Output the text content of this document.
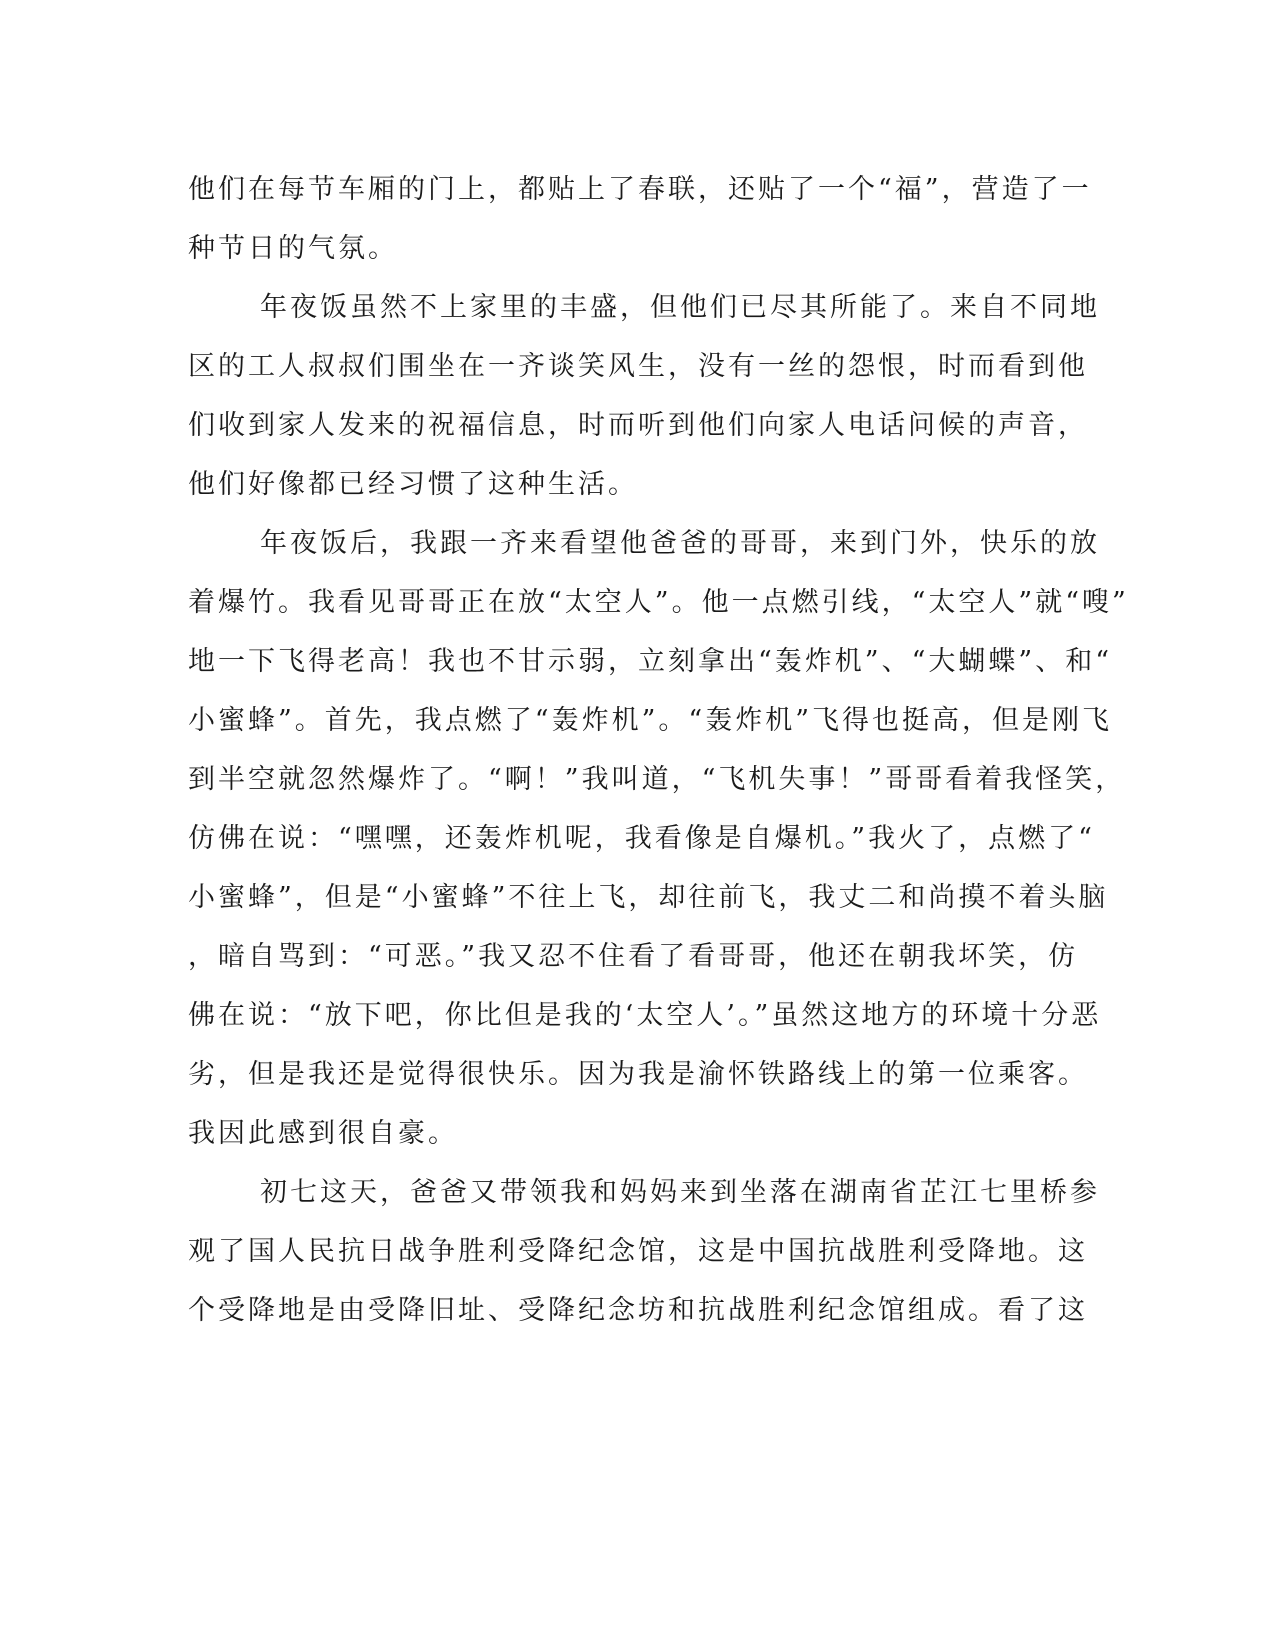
他们在每节车厢的门上，都贴上了春联，还贴了一个“福”，营造了一
种节日的气氛。
年夜饭虽然不上家里的丰盛，但他们已尽其所能了。来自不同地
区的工人叔叔们围坐在一齐谈笑风生，没有一丝的怨恨，时而看到他
们收到家人发来的祝福信息，时而听到他们向家人电话问候的声音，
他们好像都已经习惯了这种生活。
年夜饭后，我跟一齐来看望他爸爸的哥哥，来到门外，快乐的放
着爆竹。我看见哥哥正在放“太空人”。他一点燃引线，“太空人”就“嗖”
地一下飞得老高！我也不甘示弱，立刻拿出“轰炸机”、“大蝴蝶”、和“
小蜜蜂”。首先，我点燃了“轰炸机”。“轰炸机”飞得也挺高，但是刚飞
到半空就忽然爆炸了。“啊！”我叫道，“飞机失事！”哥哥看着我怪笑，
仿佛在说：“嘿嘿，还轰炸机呢，我看像是自爆机。”我火了，点燃了“
小蜜蜂”，但是“小蜜蜂”不往上飞，却往前飞，我丈二和尚摸不着头脑
，暗自骂到：“可恶。”我又忍不住看了看哥哥，他还在朝我坏笑，仿
佛在说：“放下吧，你比但是我的‘太空人’。”虽然这地方的环境十分恶
劣，但是我还是觉得很快乐。因为我是渝怀铁路线上的第一位乘客。
我因此感到很自豪。
初七这天，爸爸又带领我和妈妈来到坐落在湖南省芷江七里桥参
观了国人民抗日战争胜利受降纪念馆，这是中国抗战胜利受降地。这
个受降地是由受降旧址、受降纪念坊和抗战胜利纪念馆组成。看了这
